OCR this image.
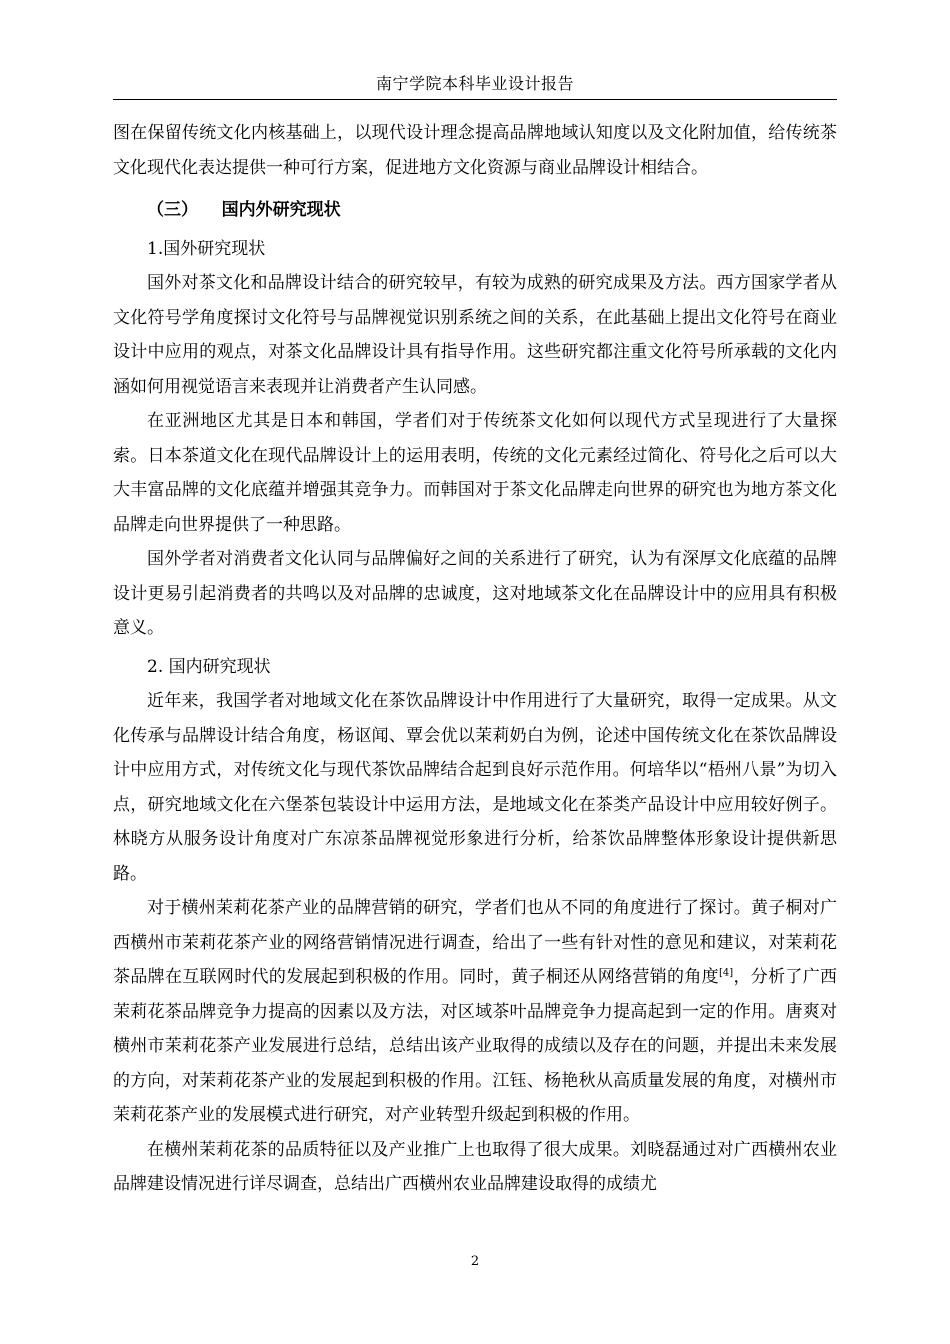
南宁学院本科毕业设计报告

图在保留传统文化内核基础上，以现代设计理念提高品牌地域认知度以及文化附加值，给传统茶文化现代化表达提供一种可行方案，促进地方文化资源与商业品牌设计相结合。

（三）    国内外研究现状

1.国外研究现状

国外对茶文化和品牌设计结合的研究较早，有较为成熟的研究成果及方法。西方国家学者从文化符号学角度探讨文化符号与品牌视觉识别系统之间的关系，在此基础上提出文化符号在商业设计中应用的观点，对茶文化品牌设计具有指导作用。这些研究都注重文化符号所承载的文化内涵如何用视觉语言来表现并让消费者产生认同感。

在亚洲地区尤其是日本和韩国，学者们对于传统茶文化如何以现代方式呈现进行了大量探索。日本茶道文化在现代品牌设计上的运用表明，传统的文化元素经过简化、符号化之后可以大大丰富品牌的文化底蕴并增强其竞争力。而韩国对于茶文化品牌走向世界的研究也为地方茶文化品牌走向世界提供了一种思路。

国外学者对消费者文化认同与品牌偏好之间的关系进行了研究，认为有深厚文化底蕴的品牌设计更易引起消费者的共鸣以及对品牌的忠诚度，这对地域茶文化在品牌设计中的应用具有积极意义。

2. 国内研究现状

近年来，我国学者对地域文化在茶饮品牌设计中作用进行了大量研究，取得一定成果。从文化传承与品牌设计结合角度，杨讴闻、覃会优以茉莉奶白为例，论述中国传统文化在茶饮品牌设计中应用方式，对传统文化与现代茶饮品牌结合起到良好示范作用。何培华以“梧州八景”为切入点，研究地域文化在六堡茶包装设计中运用方法，是地域文化在茶类产品设计中应用较好例子。林晓方从服务设计角度对广东凉茶品牌视觉形象进行分析，给茶饮品牌整体形象设计提供新思路。

对于横州茉莉花茶产业的品牌营销的研究，学者们也从不同的角度进行了探讨。黄子桐对广西横州市茉莉花茶产业的网络营销情况进行调查，给出了一些有针对性的意见和建议，对茉莉花茶品牌在互联网时代的发展起到积极的作用。同时，黄子桐还从网络营销的角度[4]，分析了广西茉莉花茶品牌竞争力提高的因素以及方法，对区域茶叶品牌竞争力提高起到一定的作用。唐爽对横州市茉莉花茶产业发展进行总结，总结出该产业取得的成绩以及存在的问题，并提出未来发展的方向，对茉莉花茶产业的发展起到积极的作用。江钰、杨艳秋从高质量发展的角度，对横州市茉莉花茶产业的发展模式进行研究，对产业转型升级起到积极的作用。

在横州茉莉花茶的品质特征以及产业推广上也取得了很大成果。刘晓磊通过对广西横州农业品牌建设情况进行详尽调查，总结出广西横州农业品牌建设取得的成绩尤

2
